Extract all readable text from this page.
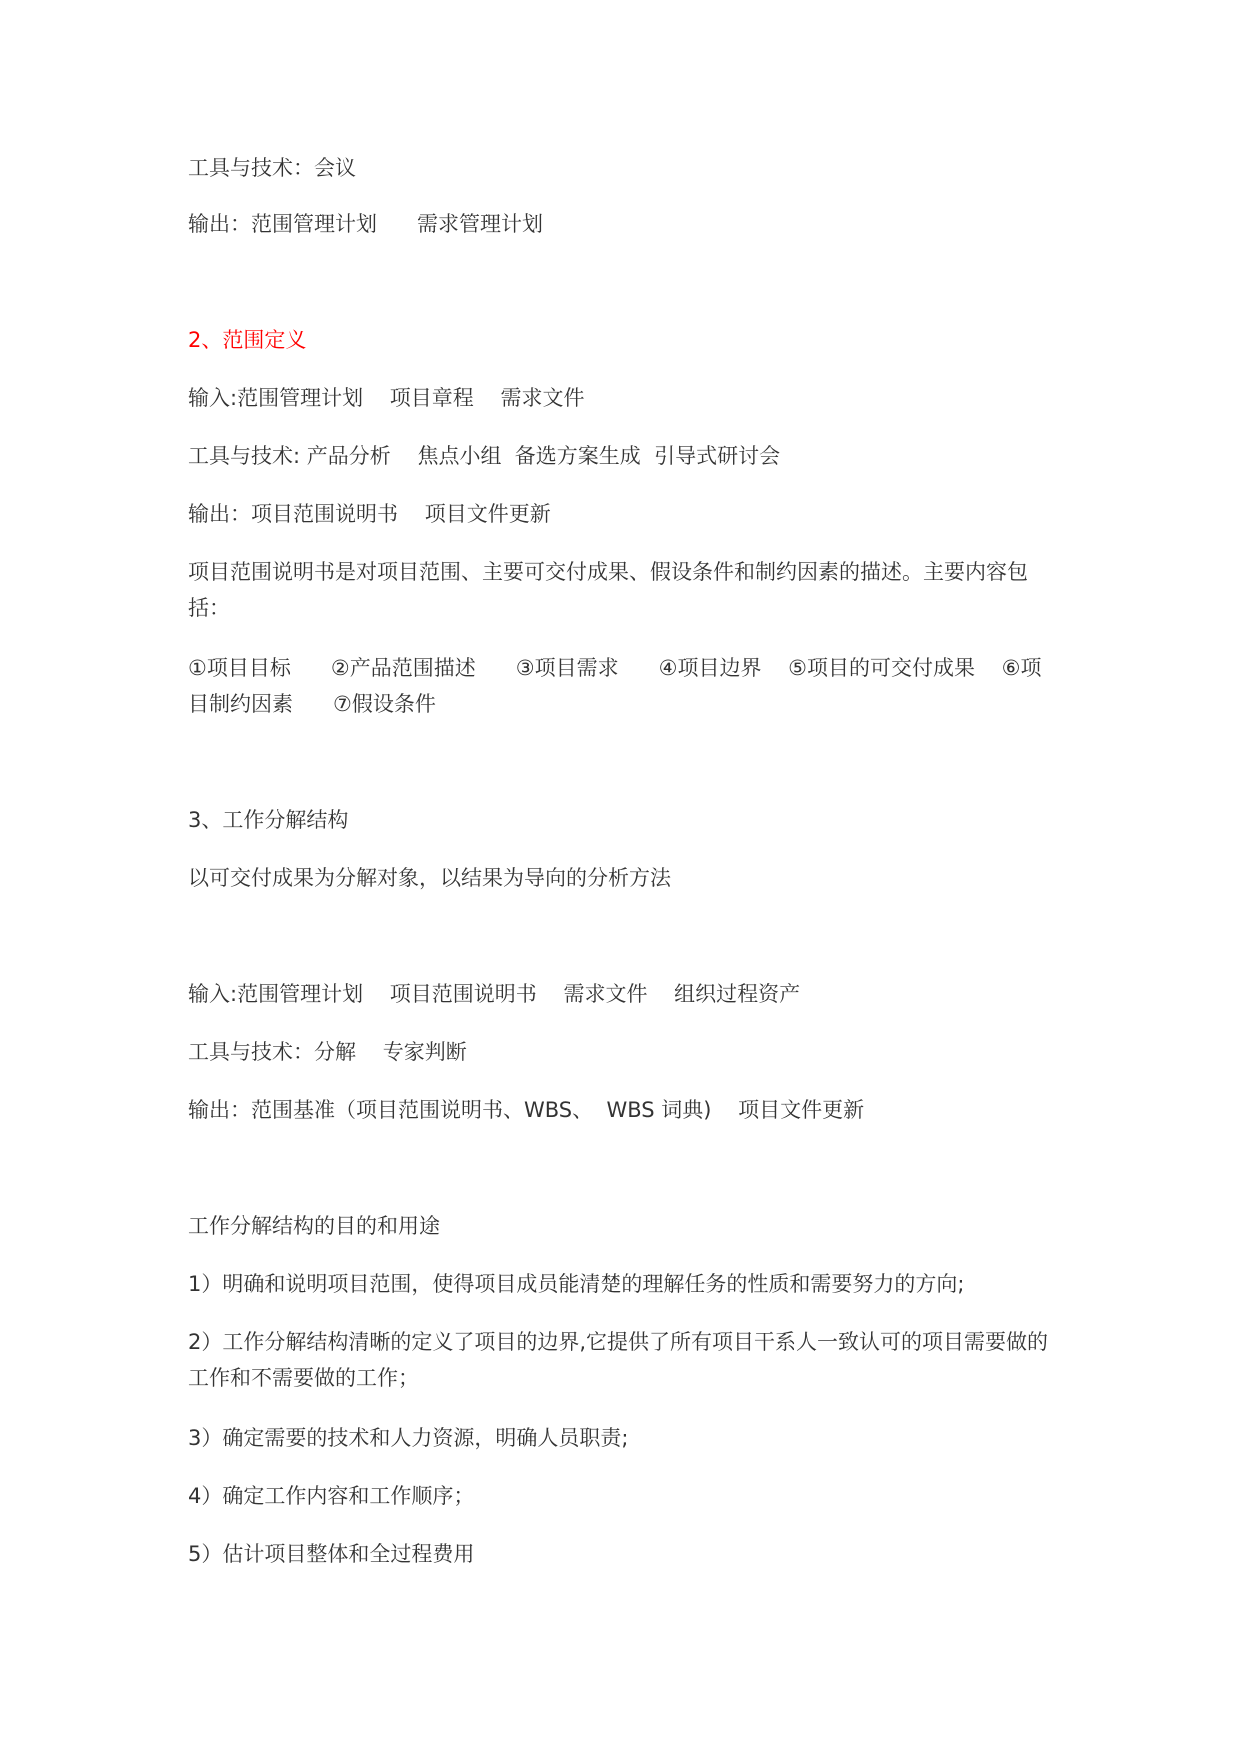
工具与技术：会议

输出：范围管理计划      需求管理计划

2、范围定义

输入:范围管理计划    项目章程    需求文件

工具与技术: 产品分析    焦点小组  备选方案生成  引导式研讨会

输出：项目范围说明书    项目文件更新

项目范围说明书是对项目范围、主要可交付成果、假设条件和制约因素的描述。主要内容包括：

①项目目标      ②产品范围描述      ③项目需求      ④项目边界    ⑤项目的可交付成果    ⑥项目制约因素      ⑦假设条件

3、工作分解结构

以可交付成果为分解对象，以结果为导向的分析方法

输入:范围管理计划    项目范围说明书    需求文件    组织过程资产

工具与技术：分解    专家判断

输出：范围基准（项目范围说明书、WBS、  WBS 词典)    项目文件更新

工作分解结构的目的和用途

1）明确和说明项目范围，使得项目成员能清楚的理解任务的性质和需要努力的方向;

2）工作分解结构清晰的定义了项目的边界,它提供了所有项目干系人一致认可的项目需要做的工作和不需要做的工作；

3）确定需要的技术和人力资源，明确人员职责;

4）确定工作内容和工作顺序；

5）估计项目整体和全过程费用
